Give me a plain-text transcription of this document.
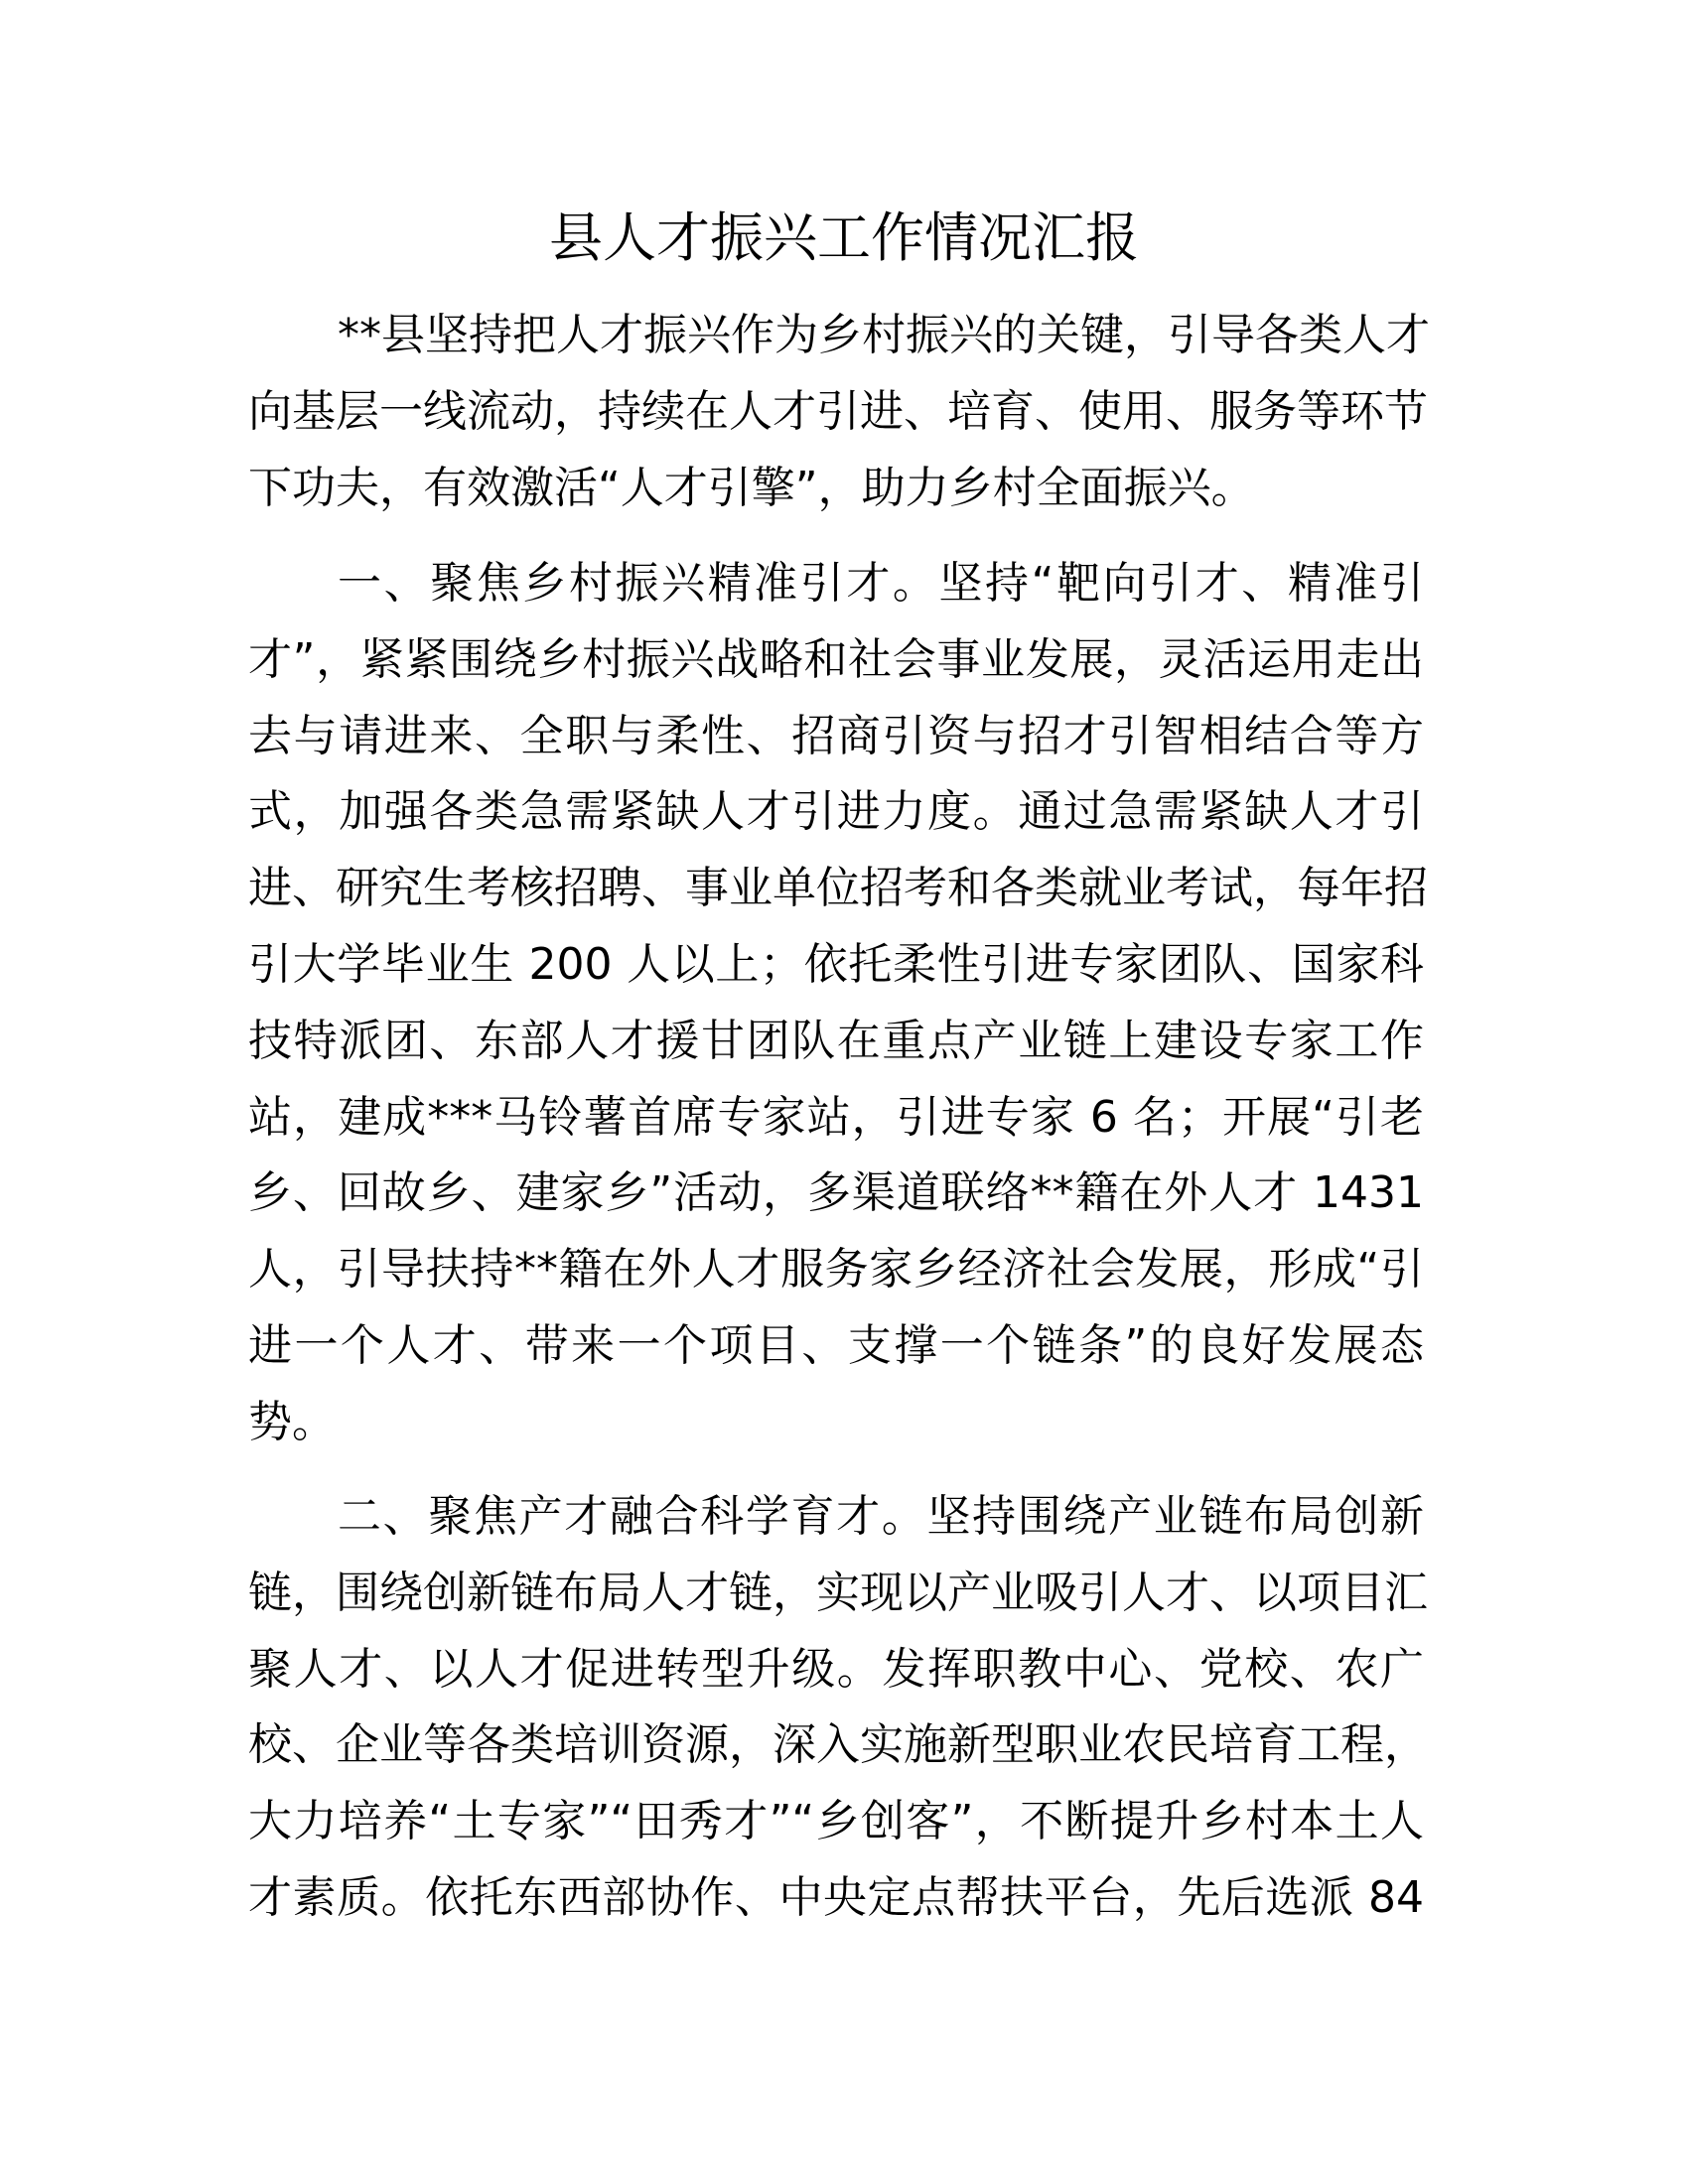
县人才振兴工作情况汇报
**县坚持把人才振兴作为乡村振兴的关键，引导各类人才
向基层一线流动，持续在人才引进、培育、使用、服务等环节
下功夫，有效激活“人才引擎”，助力乡村全面振兴。
一、聚焦乡村振兴精准引才。坚持“靶向引才、精准引
才”，紧紧围绕乡村振兴战略和社会事业发展，灵活运用走出
去与请进来、全职与柔性、招商引资与招才引智相结合等方
式，加强各类急需紧缺人才引进力度。通过急需紧缺人才引
进、研究生考核招聘、事业单位招考和各类就业考试，每年招
引大学毕业生 200 人以上；依托柔性引进专家团队、国家科
技特派团、东部人才援甘团队在重点产业链上建设专家工作
站，建成***马铃薯首席专家站，引进专家 6 名；开展“引老
乡、回故乡、建家乡”活动，多渠道联络**籍在外人才 1431
人，引导扶持**籍在外人才服务家乡经济社会发展，形成“引
进一个人才、带来一个项目、支撑一个链条”的良好发展态
势。
二、聚焦产才融合科学育才。坚持围绕产业链布局创新
链，围绕创新链布局人才链，实现以产业吸引人才、以项目汇
聚人才、以人才促进转型升级。发挥职教中心、党校、农广
校、企业等各类培训资源，深入实施新型职业农民培育工程，
大力培养“土专家”“田秀才”“乡创客”，不断提升乡村本土人
才素质。依托东西部协作、中央定点帮扶平台，先后选派 84
